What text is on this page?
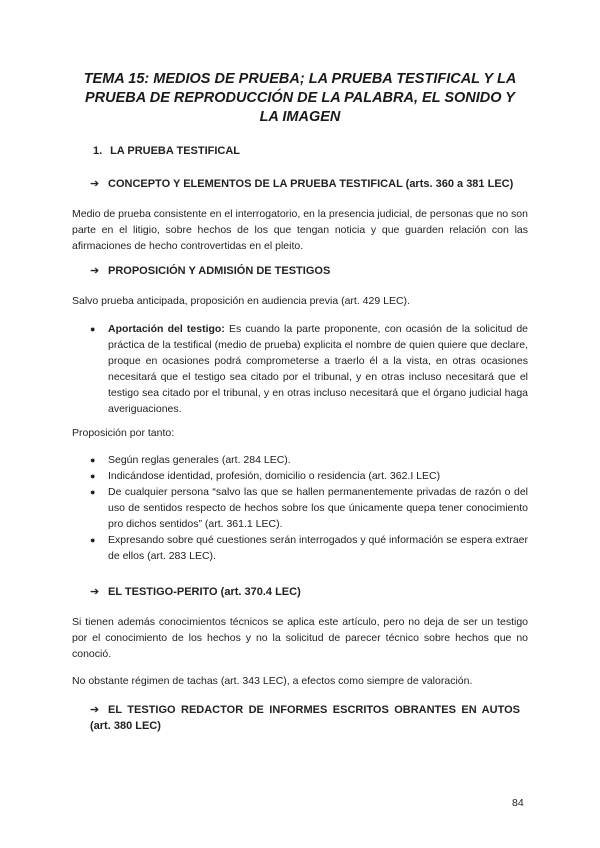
TEMA 15: MEDIOS DE PRUEBA; LA PRUEBA TESTIFICAL Y LA PRUEBA DE REPRODUCCIÓN DE LA PALABRA, EL SONIDO Y LA IMAGEN
1. LA PRUEBA TESTIFICAL
➔ CONCEPTO Y ELEMENTOS DE LA PRUEBA TESTIFICAL (arts. 360 a 381 LEC)
Medio de prueba consistente en el interrogatorio, en la presencia judicial, de personas que no son parte en el litigio, sobre hechos de los que tengan noticia y que guarden relación con las afirmaciones de hecho controvertidas en el pleito.
➔ PROPOSICIÓN Y ADMISIÓN DE TESTIGOS
Salvo prueba anticipada, proposición en audiencia previa (art. 429 LEC).
● Aportación del testigo: Es cuando la parte proponente, con ocasión de la solicitud de práctica de la testifical (medio de prueba) explicita el nombre de quien quiere que declare, proque en ocasiones podrá comprometerse a traerlo él a la vista, en otras ocasiones necesitará que el testigo sea citado por el tribunal, y en otras incluso necesitará que el testigo sea citado por el tribunal, y en otras incluso necesitará que el órgano judicial haga averiguaciones.
Proposición por tanto:
● Según reglas generales (art. 284 LEC).
● Indicándose identidad, profesión, domicilio o residencia (art. 362.I LEC)
● De cualquier persona “salvo las que se hallen permanentemente privadas de razón o del uso de sentidos respecto de hechos sobre los que únicamente quepa tener conocimiento pro dichos sentidos” (art. 361.1 LEC).
● Expresando sobre qué cuestiones serán interrogados y qué información se espera extraer de ellos (art. 283 LEC).
➔ EL TESTIGO-PERITO (art. 370.4 LEC)
Si tienen además conocimientos técnicos se aplica este artículo, pero no deja de ser un testigo por el conocimiento de los hechos y no la solicitud de parecer técnico sobre hechos que no conoció.
No obstante régimen de tachas (art. 343 LEC), a efectos como siempre de valoración.
➔ EL TESTIGO REDACTOR DE INFORMES ESCRITOS OBRANTES EN AUTOS (art. 380 LEC)
84
